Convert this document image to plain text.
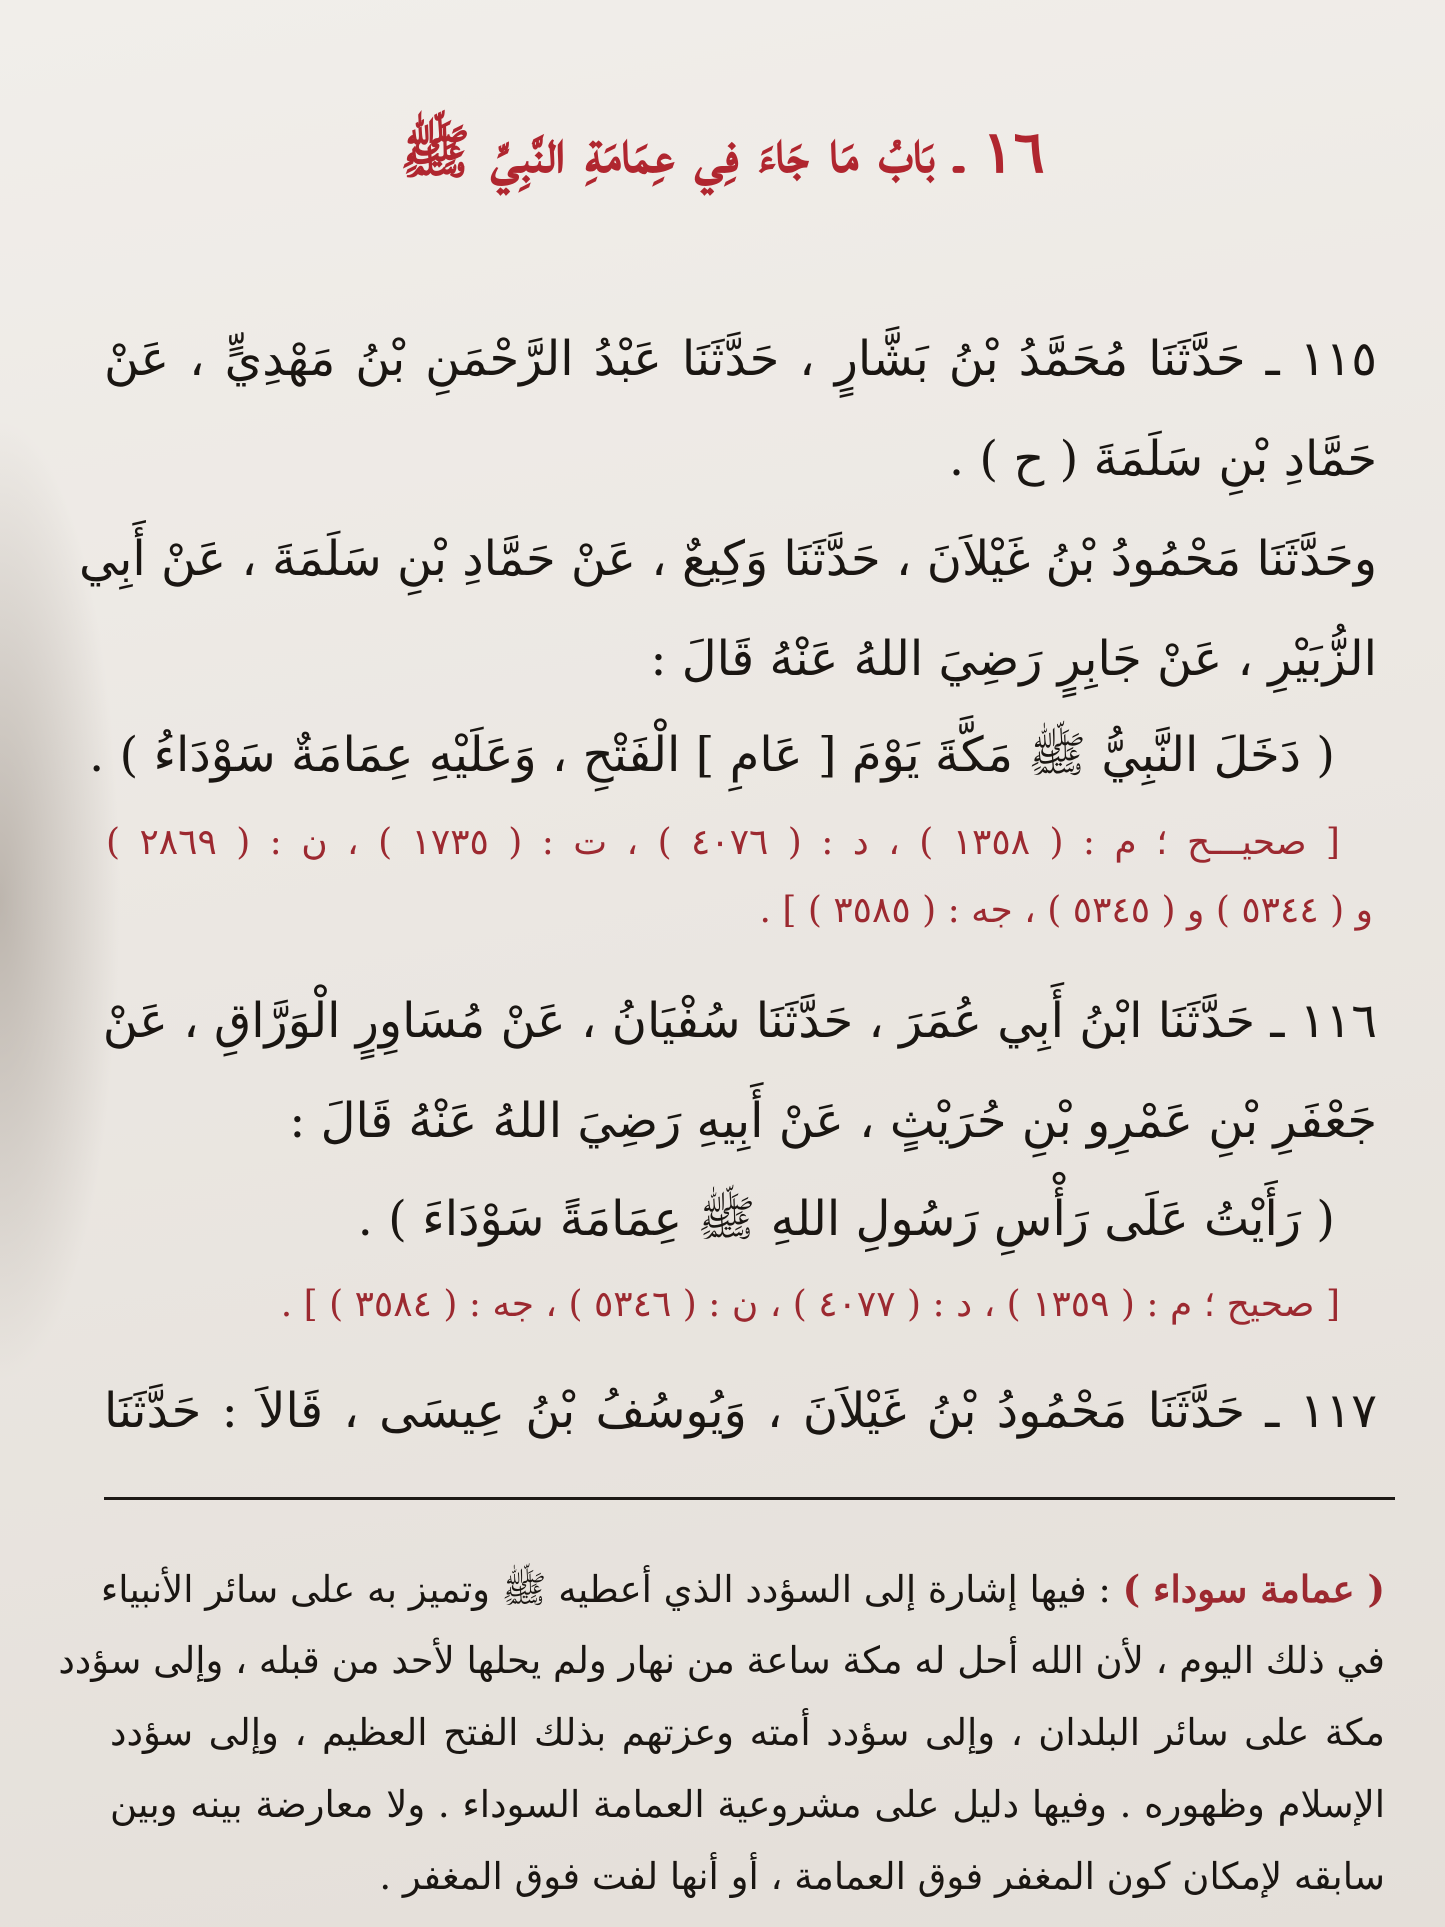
١٦ ـ بَابُ مَا جَاءَ فِي عِمَامَةِ النَّبِيِّ ﷺ
١١٥ ـ حَدَّثَنَا مُحَمَّدُ بْنُ بَشَّارٍ ، حَدَّثَنَا عَبْدُ الرَّحْمَنِ بْنُ مَهْدِيٍّ ، عَنْ
حَمَّادِ بْنِ سَلَمَةَ ( ح ) .
وحَدَّثَنَا مَحْمُودُ بْنُ غَيْلاَنَ ، حَدَّثَنَا وَكِيعٌ ، عَنْ حَمَّادِ بْنِ سَلَمَةَ ، عَنْ أَبِي
الزُّبَيْرِ ، عَنْ جَابِرٍ رَضِيَ اللهُ عَنْهُ قَالَ :
( دَخَلَ النَّبِيُّ ﷺ مَكَّةَ يَوْمَ [ عَامِ ] الْفَتْحِ ، وَعَلَيْهِ عِمَامَةٌ سَوْدَاءُ ) .
[ صحيـــح ؛ م : ( ١٣٥٨ ) ، د : ( ٤٠٧٦ ) ، ت : ( ١٧٣٥ ) ، ن : ( ٢٨٦٩ )
و ( ٥٣٤٤ ) و ( ٥٣٤٥ ) ، جه : ( ٣٥٨٥ ) ] .
١١٦ ـ حَدَّثَنَا ابْنُ أَبِي عُمَرَ ، حَدَّثَنَا سُفْيَانُ ، عَنْ مُسَاوِرٍ الْوَرَّاقِ ، عَنْ
جَعْفَرِ بْنِ عَمْرِو بْنِ حُرَيْثٍ ، عَنْ أَبِيهِ رَضِيَ اللهُ عَنْهُ قَالَ :
( رَأَيْتُ عَلَى رَأْسِ رَسُولِ اللهِ ﷺ عِمَامَةً سَوْدَاءَ ) .
[ صحيح ؛ م : ( ١٣٥٩ ) ، د : ( ٤٠٧٧ ) ، ن : ( ٥٣٤٦ ) ، جه : ( ٣٥٨٤ ) ] .
١١٧ ـ حَدَّثَنَا مَحْمُودُ بْنُ غَيْلاَنَ ، وَيُوسُفُ بْنُ عِيسَى ، قَالاَ : حَدَّثَنَا
( عمامة سوداء ) : فيها إشارة إلى السؤدد الذي أعطيه ﷺ وتميز به على سائر الأنبياء
في ذلك اليوم ، لأن الله أحل له مكة ساعة من نهار ولم يحلها لأحد من قبله ، وإلى سؤدد
مكة على سائر البلدان ، وإلى سؤدد أمته وعزتهم بذلك الفتح العظيم ، وإلى سؤدد
الإسلام وظهوره . وفيها دليل على مشروعية العمامة السوداء . ولا معارضة بينه وبين
سابقه لإمكان كون المغفر فوق العمامة ، أو أنها لفت فوق المغفر .
